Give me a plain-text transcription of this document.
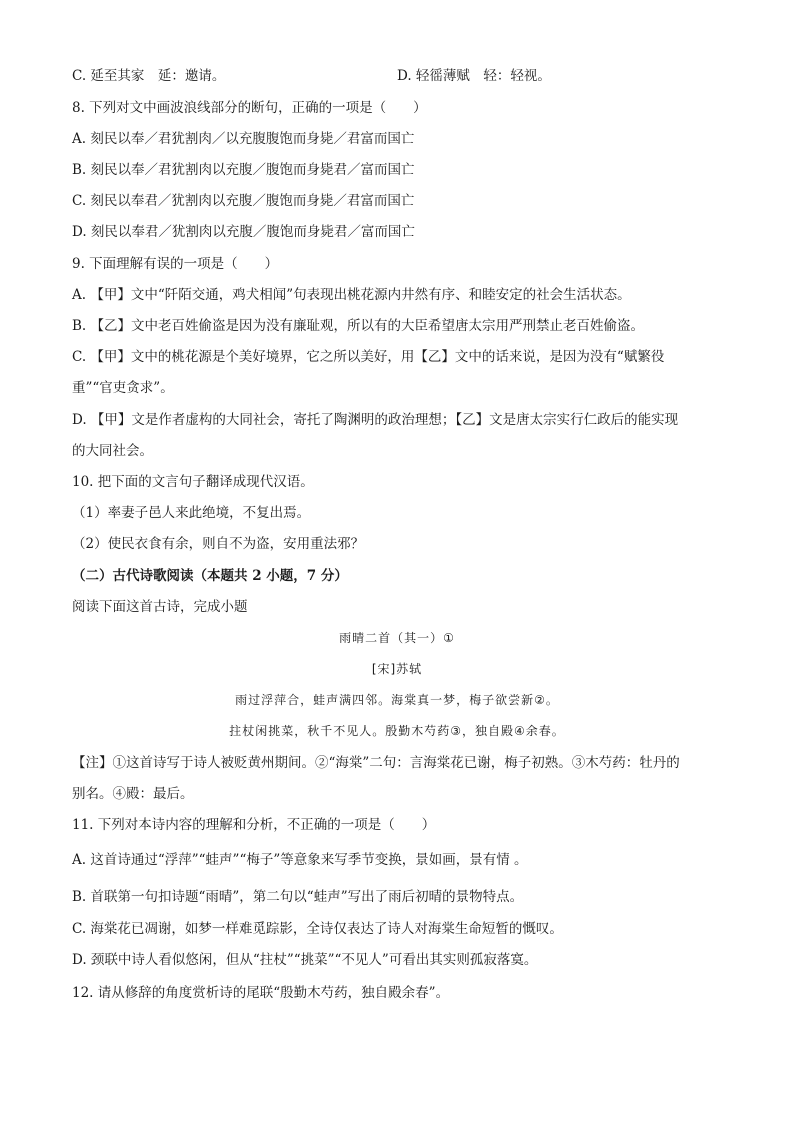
C. 延至其家　延：邀请。	D. 轻徭薄赋　轻：轻视。
8. 下列对文中画波浪线部分的断句，正确的一项是（　　）
A. 刻民以奉／君犹割肉／以充腹腹饱而身毙／君富而国亡
B. 刻民以奉／君犹割肉以充腹／腹饱而身毙君／富而国亡
C. 刻民以奉君／犹割肉以充腹／腹饱而身毙／君富而国亡
D. 刻民以奉君／犹割肉以充腹／腹饱而身毙君／富而国亡
9. 下面理解有误的一项是（　　）
A. 【甲】文中“阡陌交通，鸡犬相闻”句表现出桃花源内井然有序、和睦安定的社会生活状态。
B. 【乙】文中老百姓偷盗是因为没有廉耻观，所以有的大臣希望唐太宗用严刑禁止老百姓偷盗。
C. 【甲】文中的桃花源是个美好境界，它之所以美好，用【乙】文中的话来说，是因为没有“赋繁役
重”“官吏贪求”。
D. 【甲】文是作者虚构的大同社会，寄托了陶渊明的政治理想；【乙】文是唐太宗实行仁政后的能实现
的大同社会。
10. 把下面的文言句子翻译成现代汉语。
（1）率妻子邑人来此绝境，不复出焉。
（2）使民衣食有余，则自不为盗，安用重法邪？
（二）古代诗歌阅读（本题共 2 小题，7 分）
阅读下面这首古诗，完成小题
雨晴二首（其一）①
[宋]苏轼
雨过浮萍合，蛙声满四邻。海棠真一梦，梅子欲尝新②。
拄杖闲挑菜，秋千不见人。殷勤木芍药③，独自殿④余春。
【注】①这首诗写于诗人被贬黄州期间。②“海棠”二句：言海棠花已谢，梅子初熟。③木芍药：牡丹的
别名。④殿：最后。
11. 下列对本诗内容的理解和分析，不正确的一项是（　　）
A. 这首诗通过“浮萍”“蛙声”“梅子”等意象来写季节变换，景如画，景有情 。
B. 首联第一句扣诗题“雨晴”，第二句以“蛙声”写出了雨后初晴的景物特点。
C. 海棠花已凋谢，如梦一样难觅踪影，全诗仅表达了诗人对海棠生命短暂的慨叹。
D. 颈联中诗人看似悠闲，但从“拄杖”“挑菜”“不见人”可看出其实则孤寂落寞。
12. 请从修辞的角度赏析诗的尾联“殷勤木芍药，独自殿余春”。
